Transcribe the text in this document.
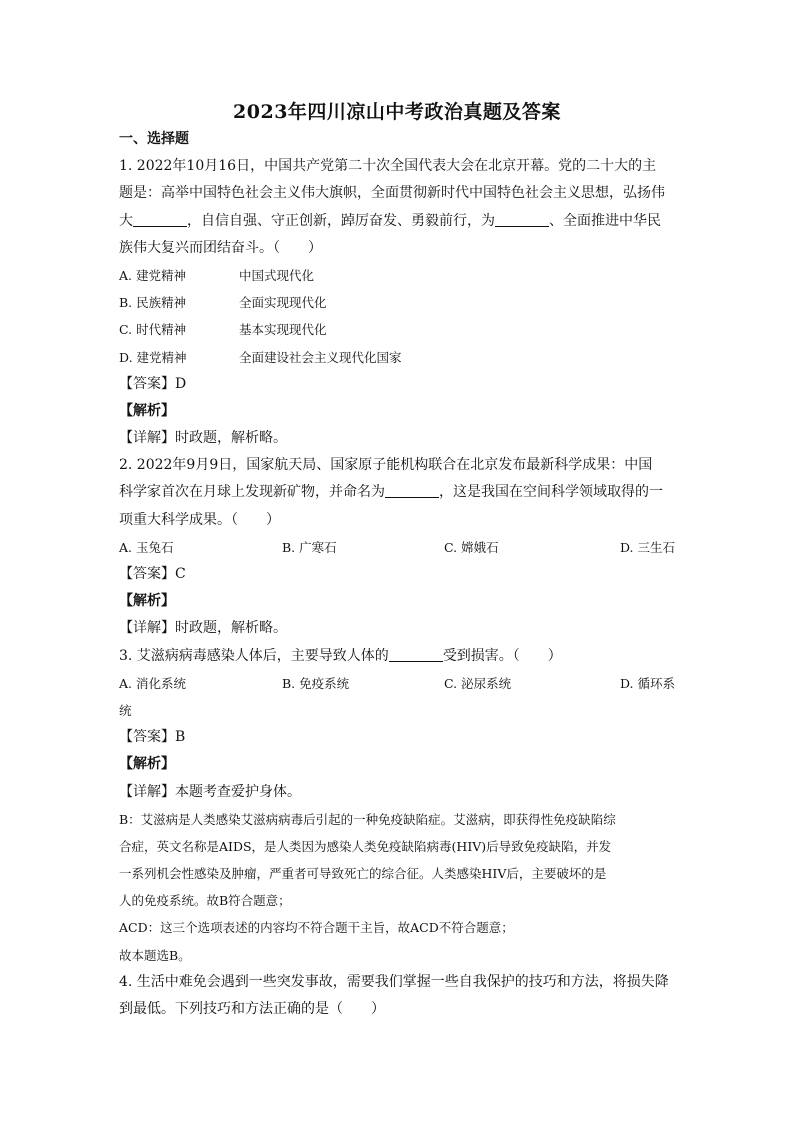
2023年四川凉山中考政治真题及答案
一、选择题
1. 2022年10月16日，中国共产党第二十次全国代表大会在北京开幕。党的二十大的主
题是：高举中国特色社会主义伟大旗帜，全面贯彻新时代中国特色社会主义思想，弘扬伟
大	，自信自强、守正创新，踔厉奋发、勇毅前行，为	、全面推进中华民
族伟大复兴而团结奋斗。（　　）
A. 建党精神	中国式现代化
B. 民族精神	全面实现现代化
C. 时代精神	基本实现现代化
D. 建党精神	全面建设社会主义现代化国家
【答案】D
【解析】
【详解】时政题，解析略。
2. 2022年9月9日，国家航天局、国家原子能机构联合在北京发布最新科学成果：中国
科学家首次在月球上发现新矿物，并命名为	，这是我国在空间科学领域取得的一
项重大科学成果。（　　）
A. 玉兔石	B. 广寒石	C. 嫦娥石	D. 三生石
【答案】C
【解析】
【详解】时政题，解析略。
3. 艾滋病病毒感染人体后，主要导致人体的	受到损害。（　　）
A. 消化系统	B. 免疫系统	C. 泌尿系统	D. 循环系
统
【答案】B
【解析】
【详解】本题考查爱护身体。
B：艾滋病是人类感染艾滋病病毒后引起的一种免疫缺陷症。艾滋病，即获得性免疫缺陷综
合症，英文名称是AIDS，是人类因为感染人类免疫缺陷病毒(HIV)后导致免疫缺陷，并发
一系列机会性感染及肿瘤，严重者可导致死亡的综合征。人类感染HIV后，主要破坏的是
人的免疫系统。故B符合题意；
ACD：这三个选项表述的内容均不符合题干主旨，故ACD不符合题意；
故本题选B。
4. 生活中难免会遇到一些突发事故，需要我们掌握一些自我保护的技巧和方法，将损失降
到最低。下列技巧和方法正确的是（　　）
